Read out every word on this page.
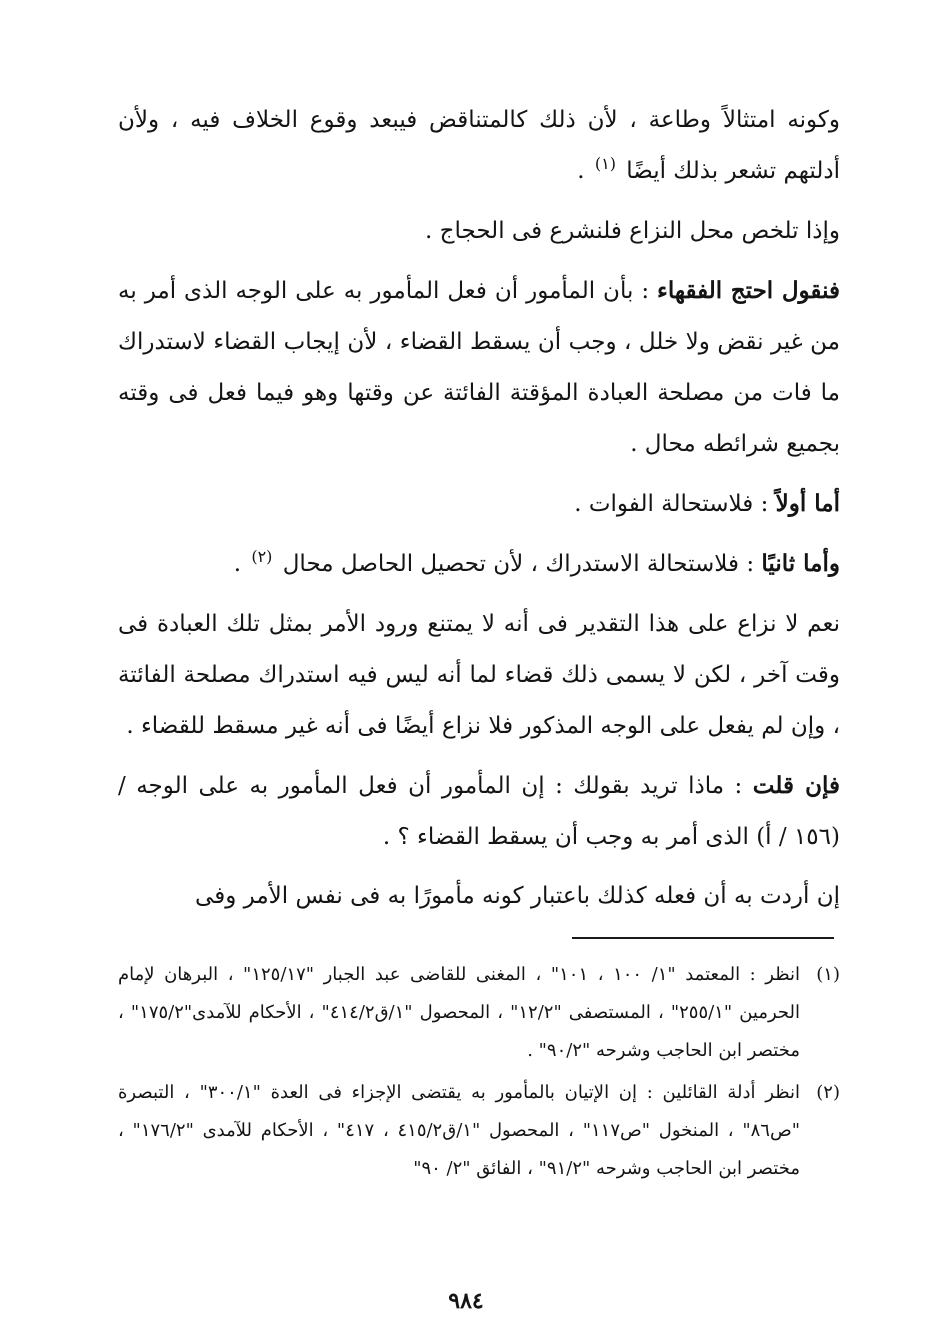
وكونه امتثالاً وطاعة ، لأن ذلك كالمتناقض فيبعد وقوع الخلاف فيه ، ولأن أدلتهم تشعر بذلك أيضًا $^{(١)}$ .

وإذا تلخص محل النزاع فلنشرع فى الحجاج .

فنقول احتج الفقهاء : بأن المأمور أن فعل المأمور به على الوجه الذى أمر به من غير نقض ولا خلل ، وجب أن يسقط القضاء ، لأن إيجاب القضاء لاستدراك ما فات من مصلحة العبادة المؤقتة الفائتة عن وقتها وهو فيما فعل فى وقته بجميع شرائطه محال .

أما أولاً : فلاستحالة الفوات .

وأما ثانيًا : فلاستحالة الاستدراك ، لأن تحصيل الحاصل محال $^{(٢)}$ .

نعم لا نزاع على هذا التقدير فى أنه لا يمتنع ورود الأمر بمثل تلك العبادة فى وقت آخر ، لكن لا يسمى ذلك قضاء لما أنه ليس فيه استدراك مصلحة الفائتة ، وإن لم يفعل على الوجه المذكور فلا نزاع أيضًا فى أنه غير مسقط للقضاء .

فإن قلت : ماذا تريد بقولك : إن المأمور أن فعل المأمور به على الوجه / (١٥٦ / أ) الذى أمر به وجب أن يسقط القضاء ؟ .

إن أردت به أن فعله كذلك باعتبار كونه مأمورًا به فى نفس الأمر وفى

(١)
انظر : المعتمد "١/ ١٠٠ ، ١٠١" ، المغنى للقاضى عبد الجبار "١٢٥/١٧" ، البرهان لإمام الحرمين "٢٥٥/١" ، المستصفى "١٢/٢" ، المحصول "١/ق٤١٤/٢" ، الأحكام للآمدى"١٧٥/٢" ، مختصر ابن الحاجب وشرحه "٩٠/٢" .
(٢)
انظر أدلة القائلين : إن الإتيان بالمأمور به يقتضى الإجزاء فى العدة "٣٠٠/١" ، التبصرة "ص٨٦" ، المنخول "ص١١٧" ، المحصول "١/ق٤١٥/٢ ، ٤١٧" ، الأحكام للآمدى "١٧٦/٢" ، مختصر ابن الحاجب وشرحه "٩١/٢" ، الفائق "٢/ ٩٠"
٩٨٤
